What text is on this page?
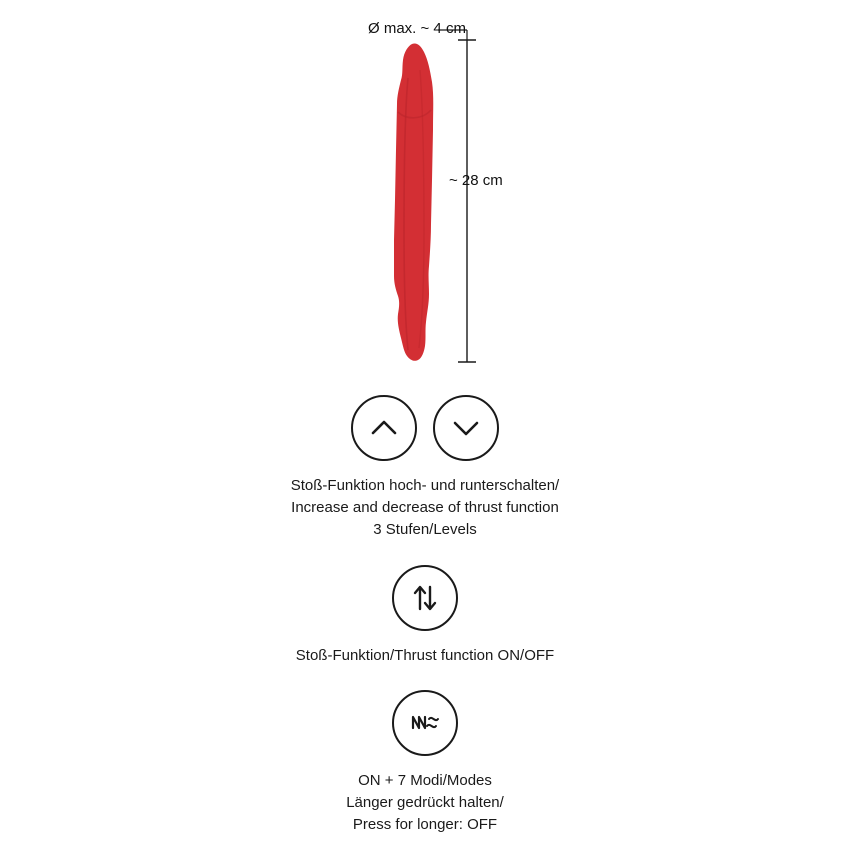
Ø max. ~ 4 cm
~ 28 cm
Stoß-Funktion hoch- und runterschalten/
Increase and decrease of thrust function
3 Stufen/Levels
Stoß-Funktion/Thrust function ON/OFF
ON + 7 Modi/Modes
Länger gedrückt halten/
Press for longer: OFF
